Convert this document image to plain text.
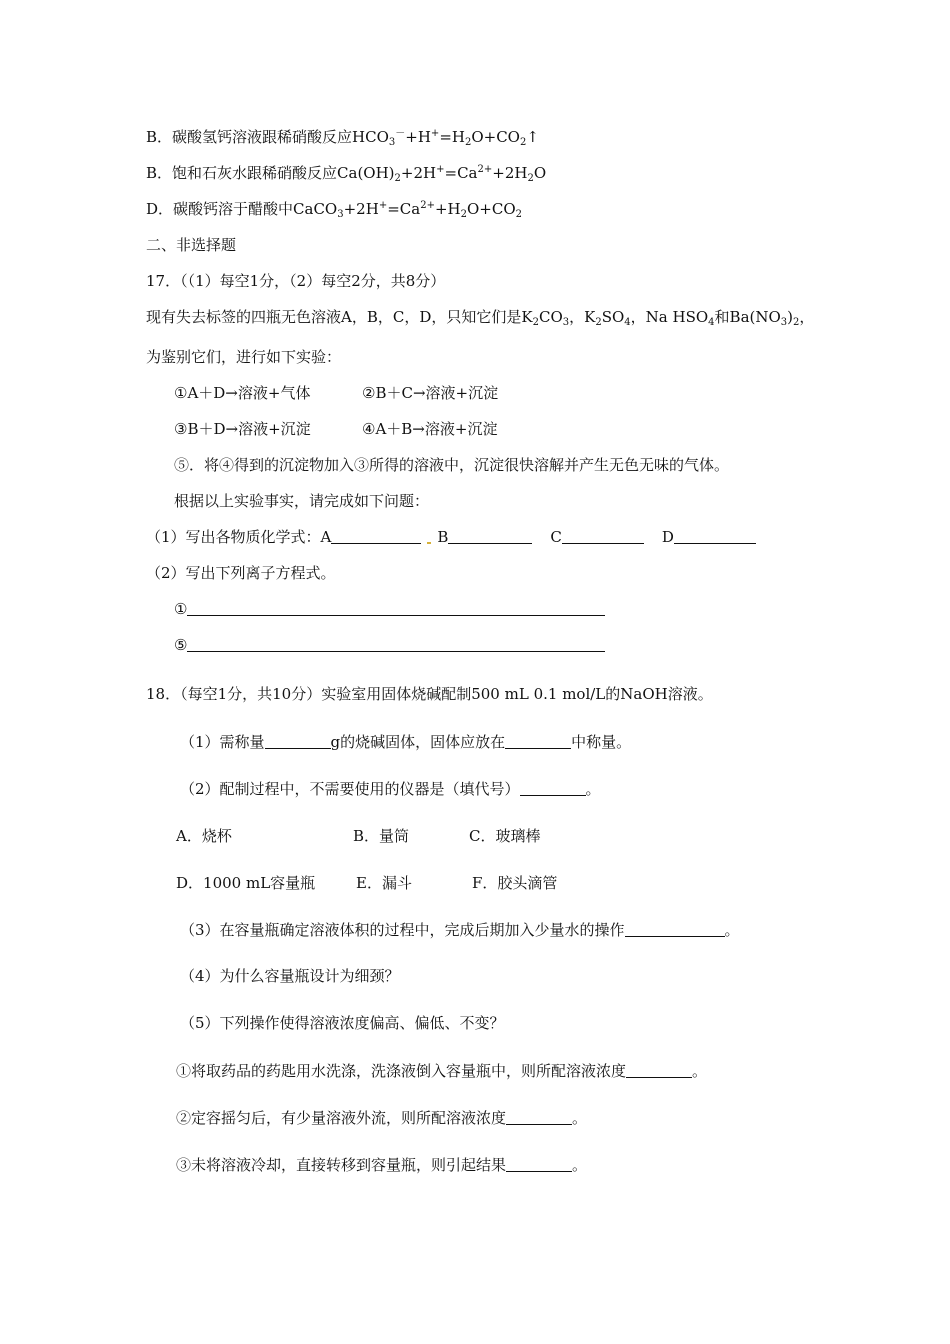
B．碳酸氢钙溶液跟稀硝酸反应$HCO_3^-+H^+=H_2O+CO_2↑$
B．饱和石灰水跟稀硝酸反应$Ca(OH)_2+2H^+=Ca^{2+}+2H_2O$
D．碳酸钙溶于醋酸中$CaCO_3+2H^+=Ca^{2+}+H_2O+CO_2$
二、非选择题
17．（（1）每空1分，（2）每空2分，共8分）
现有失去标签的四瓶无色溶液A，B，C，D，只知它们是$K_2CO_3$，$K_2SO_4$，Na $HSO_4$和$Ba(NO_3)_2$，
为鉴别它们，进行如下实验：
①A＋D→溶液+气体	②B＋C→溶液+沉淀
③B＋D→溶液+沉淀	④A＋B→溶液+沉淀
⑤．将④得到的沉淀物加入③所得的溶液中，沉淀很快溶解并产生无色无味的气体。
根据以上实验事实，请完成如下问题：
（1）写出各物质化学式：A	B	C	D
（2）写出下列离子方程式。
①
⑤
18．（每空1分，共10分）实验室用固体烧碱配制500 mL 0.1 mol/L的NaOH溶液。
（1）需称量	g的烧碱固体，固体应放在	中称量。
（2）配制过程中，不需要使用的仪器是（填代号）	。
A．烧杯	B．量筒	C．玻璃棒
D．1000 mL容量瓶	E．漏斗	F．胶头滴管
（3）在容量瓶确定溶液体积的过程中，完成后期加入少量水的操作	。
（4）为什么容量瓶设计为细颈？
（5）下列操作使得溶液浓度偏高、偏低、不变？
①将取药品的药匙用水洗涤，洗涤液倒入容量瓶中，则所配溶液浓度	。
②定容摇匀后，有少量溶液外流，则所配溶液浓度	。
③未将溶液冷却，直接转移到容量瓶，则引起结果	。
